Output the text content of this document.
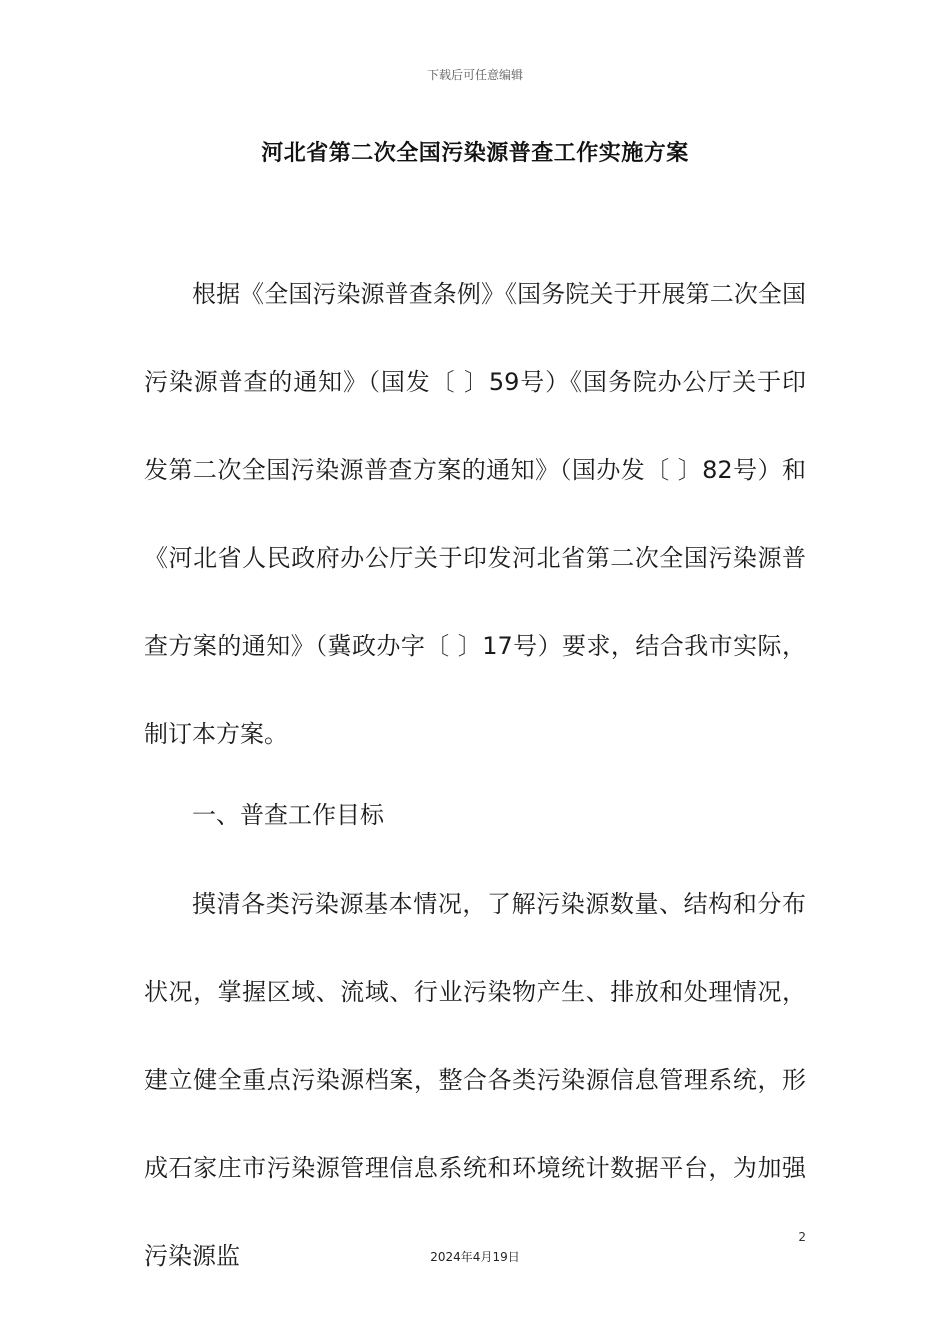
下载后可任意编辑
河北省第二次全国污染源普查工作实施方案
根据《全国污染源普查条例》《国务院关于开展第二次全国污染源普查的通知》（国发〔 〕59号）《国务院办公厅关于印发第二次全国污染源普查方案的通知》（国办发〔 〕82号）和《河北省人民政府办公厅关于印发河北省第二次全国污染源普查方案的通知》（冀政办字〔 〕17号）要求，结合我市实际，制订本方案。
一、普查工作目标
摸清各类污染源基本情况，了解污染源数量、结构和分布状况，掌握区域、流域、行业污染物产生、排放和处理情况，建立健全重点污染源档案，整合各类污染源信息管理系统，形成石家庄市污染源管理信息系统和环境统计数据平台，为加强污染源监
2
2024年4月19日
